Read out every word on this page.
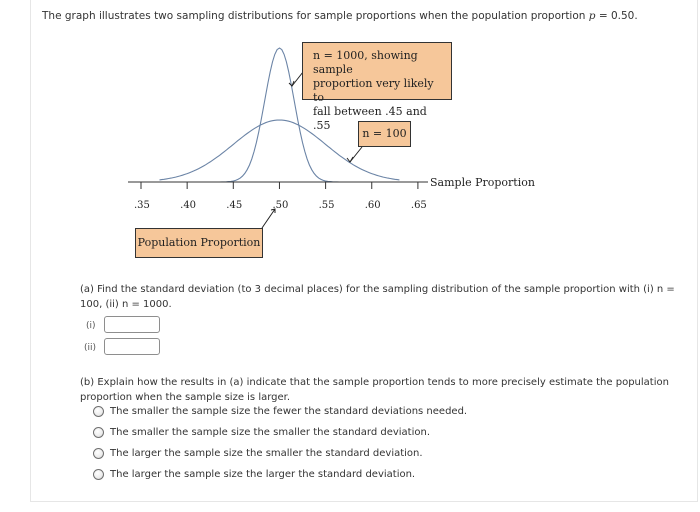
The graph illustrates two sampling distributions for sample proportions when the population proportion p = 0.50.
.35	.40	.45	.50	.55	.60	.65
n = 1000, showing sample
proportion very likely to
fall between .45 and .55
n = 100
Population Proportion
Sample Proportion
(a) Find the standard deviation (to 3 decimal places) for the sampling distribution of the sample proportion with (i) n = 100, (ii) n = 1000.
(i)
(ii)
(b) Explain how the results in (a) indicate that the sample proportion tends to more precisely estimate the population proportion when the sample size is larger.
The smaller the sample size the fewer the standard deviations needed.
The smaller the sample size the smaller the standard deviation.
The larger the sample size the smaller the standard deviation.
The larger the sample size the larger the standard deviation.
